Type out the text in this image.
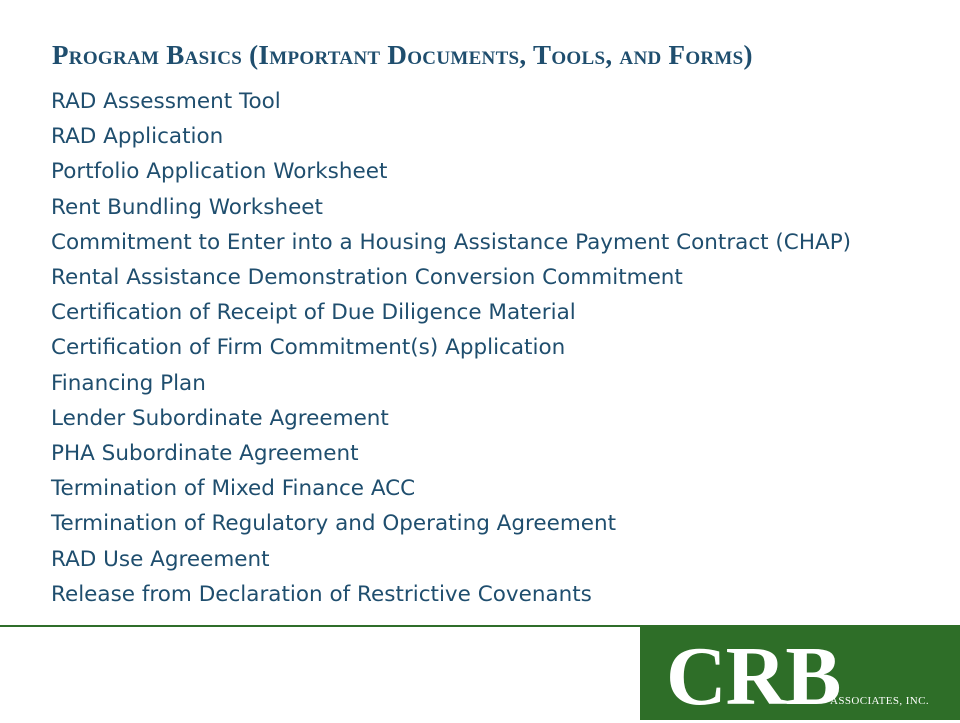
Program Basics (Important Documents, Tools, and Forms)
RAD Assessment Tool
RAD Application
Portfolio Application Worksheet
Rent Bundling Worksheet
Commitment to Enter into a Housing Assistance Payment Contract (CHAP)
Rental Assistance Demonstration Conversion Commitment
Certification of Receipt of Due Diligence Material
Certification of Firm Commitment(s) Application
Financing Plan
Lender Subordinate Agreement
PHA Subordinate Agreement
Termination of Mixed Finance ACC
Termination of Regulatory and Operating Agreement
RAD Use Agreement
Release from Declaration of Restrictive Covenants
CRB
ASSOCIATES, INC.
